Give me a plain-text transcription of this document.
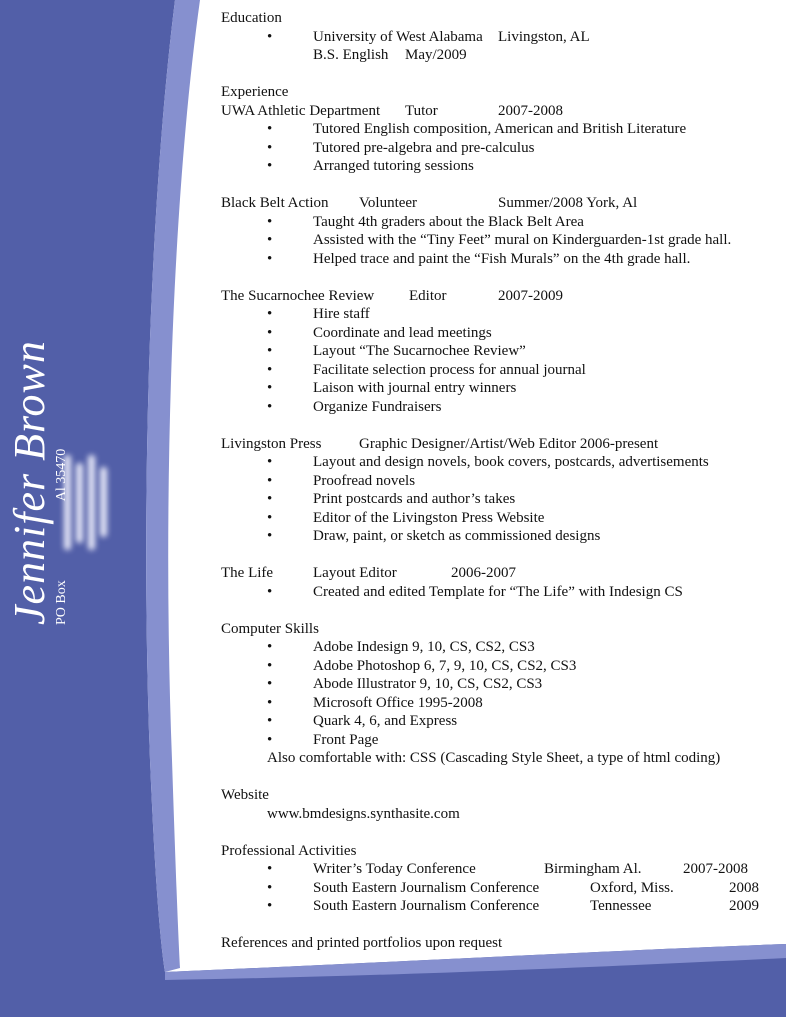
Jennifer Brown PO Box  Al 35470
Education
•	University of West Alabama Livingston, AL
B.S. English May/2009
Experience
UWA Athletic Department Tutor	2007-2008
•	Tutored English composition, American and British Literature
•	Tutored pre-algebra and pre-calculus
•	Arranged tutoring sessions
Black Belt Action Volunteer	Summer/2008 York, Al
•	Taught 4th graders about the Black Belt Area
•	Assisted with the “Tiny Feet” mural on Kinderguarden-1st grade hall.
•	Helped trace and paint the “Fish Murals” on the 4th grade hall.
The Sucarnochee Review Editor	2007-2009
•	Hire staff
•	Coordinate and lead meetings
•	Layout “The Sucarnochee Review”
•	Facilitate selection process for annual journal
•	Laison with journal entry winners
•	Organize Fundraisers
Livingston Press	Graphic Designer/Artist/Web Editor 2006-present
•	Layout and design novels, book covers, postcards, advertisements
•	Proofread novels
•	Print postcards and author’s takes
•	Editor of the Livingston Press Website
•	Draw, paint, or sketch as commissioned designs
The Life	Layout Editor	2006-2007
•	Created and edited Template for “The Life” with Indesign CS
Computer Skills
•	Adobe Indesign 9, 10, CS, CS2, CS3
•	Adobe Photoshop 6, 7, 9, 10, CS, CS2, CS3
•	Abode Illustrator 9, 10, CS, CS2, CS3
•	Microsoft Office 1995-2008
•	Quark 4, 6, and Express
•	Front Page
Also comfortable with: CSS (Cascading Style Sheet, a type of html coding)
Website
www.bmdesigns.synthasite.com
Professional Activities
•	Writer’s Today Conference	Birmingham Al.	2007-2008
•	South Eastern Journalism Conference	Oxford, Miss.	2008
•	South Eastern Journalism Conference	Tennessee	2009
References and printed portfolios upon request
